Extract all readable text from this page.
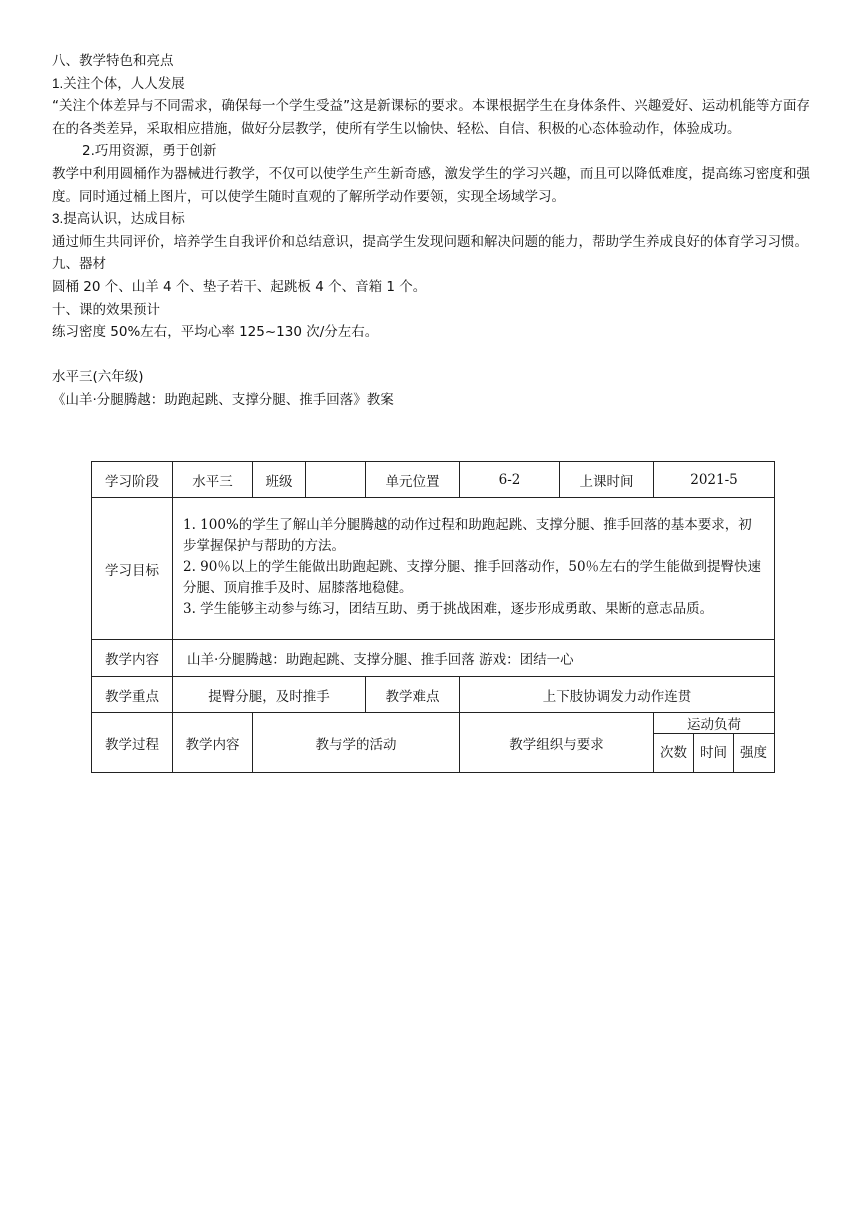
八、教学特色和亮点
1.关注个体，人人发展
“关注个体差异与不同需求，确保每一个学生受益”这是新课标的要求。本课根据学生在身体条件、兴趣爱好、运动机能等方面存在的各类差异，采取相应措施，做好分层教学，使所有学生以愉快、轻松、自信、积极的心态体验动作，体验成功。
2.巧用资源，勇于创新
教学中利用圆桶作为器械进行教学，不仅可以使学生产生新奇感，激发学生的学习兴趣，而且可以降低难度，提高练习密度和强度。同时通过桶上图片，可以使学生随时直观的了解所学动作要领，实现全场域学习。
3.提高认识，达成目标
通过师生共同评价，培养学生自我评价和总结意识，提高学生发现问题和解决问题的能力，帮助学生养成良好的体育学习习惯。
九、器材
圆桶 20 个、山羊 4 个、垫子若干、起跳板 4 个、音箱 1 个。
十、课的效果预计
练习密度 50%左右，平均心率 125~130 次/分左右。
水平三(六年级)
《山羊·分腿腾越：助跑起跳、支撑分腿、推手回落》教案
学习阶段	水平三	班级		单元位置	6-2	上课时间	2021-5		
学习目标	1. 100%的学生了解山羊分腿腾越的动作过程和助跑起跳、支撑分腿、推手回落的基本要求，初步掌握保护与帮助的方法。
2. 90％以上的学生能做出助跑起跳、支撑分腿、推手回落动作，50％左右的学生能做到提臀快速分腿、顶肩推手及时、屈膝落地稳健。
3. 学生能够主动参与练习，团结互助、勇于挑战困难，逐步形成勇敢、果断的意志品质。								

教学内容	山羊·分腿腾越：助跑起跳、支撑分腿、推手回落 游戏：团结一心								
教学重点	提臀分腿，及时推手			教学难点	上下肢协调发力动作连贯				
教学过程	教学内容	教与学的活动			教学组织与要求		运动负荷		
							次数	时间	强度
